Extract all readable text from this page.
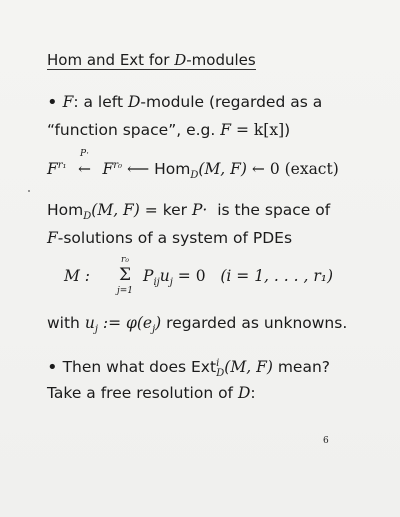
Hom and Ext for D-modules
• F: a left D-module (regarded as a
“function space”, e.g. F = k[x])
$F^{r_1}$
P·
← $F^{r_0}$ ⟵ Hom$_D$(M, F) ← 0 (exact)
Hom$_D$(M, F) = ker P· is the space of
F-solutions of a system of PDEs
M :
r₀
Σ
j=1
$P_{ij}u_j = 0$ (i = 1, . . . , r₁)
with $u_j$ := $\varphi(e_j)$ regarded as unknowns.
• Then what does Ext$^i_D$(M, F) mean?
Take a free resolution of D:
6
